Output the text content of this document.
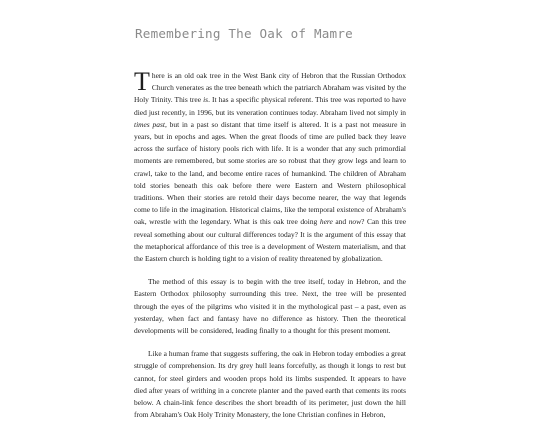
Remembering The Oak of Mamre

There is an old oak tree in the West Bank city of Hebron that the Russian Orthodox Church venerates as the tree beneath which the patriarch Abraham was visited by the Holy Trinity. This tree is. It has a specific physical referent. This tree was reported to have died just recently, in 1996, but its veneration continues today. Abraham lived not simply in times past, but in a past so distant that time itself is altered. It is a past not measure in years, but in epochs and ages. When the great floods of time are pulled back they leave across the surface of history pools rich with life. It is a wonder that any such primordial moments are remembered, but some stories are so robust that they grow legs and learn to crawl, take to the land, and become entire races of humankind. The children of Abraham told stories beneath this oak before there were Eastern and Western philosophical traditions. When their stories are retold their days become nearer, the way that legends come to life in the imagination. Historical claims, like the temporal existence of Abraham's oak, wrestle with the legendary. What is this oak tree doing here and now? Can this tree reveal something about our cultural differences today? It is the argument of this essay that the metaphorical affordance of this tree is a development of Western materialism, and that the Eastern church is holding tight to a vision of reality threatened by globalization.

The method of this essay is to begin with the tree itself, today in Hebron, and the Eastern Orthodox philosophy surrounding this tree. Next, the tree will be presented through the eyes of the pilgrims who visited it in the mythological past – a past, even as yesterday, when fact and fantasy have no difference as history. Then the theoretical developments will be considered, leading finally to a thought for this present moment.

Like a human frame that suggests suffering, the oak in Hebron today embodies a great struggle of comprehension. Its dry grey hull leans forcefully, as though it longs to rest but cannot, for steel girders and wooden props hold its limbs suspended. It appears to have died after years of writhing in a concrete planter and the paved earth that cements its roots below. A chain-link fence describes the short breadth of its perimeter, just down the hill from Abraham's Oak Holy Trinity Monastery, the lone Christian confines in Hebron,
